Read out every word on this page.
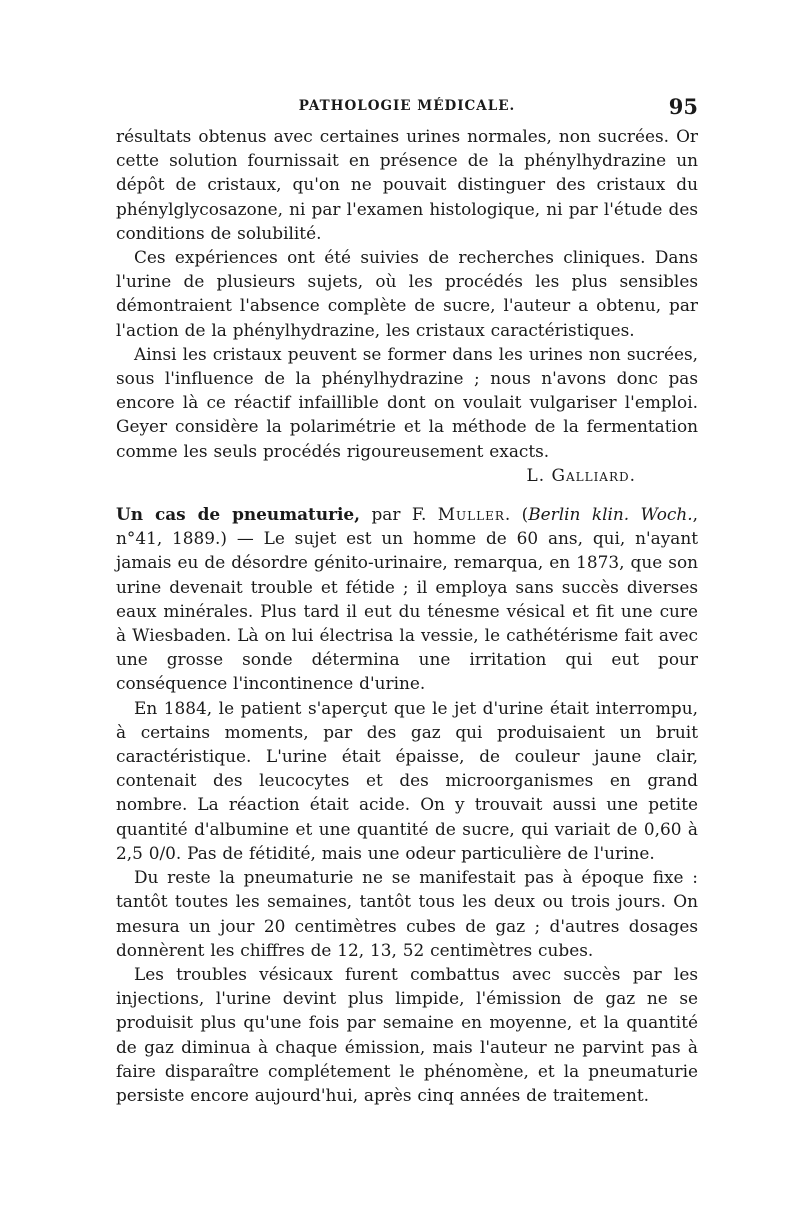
PATHOLOGIE MÉDICALE.	95

résultats obtenus avec certaines urines normales, non sucrées. Or cette solution fournissait en présence de la phénylhydrazine un dépôt de cristaux, qu'on ne pouvait distinguer des cristaux du phénylglycosazone, ni par l'examen histologique, ni par l'étude des conditions de solubilité.

Ces expériences ont été suivies de recherches cliniques. Dans l'urine de plusieurs sujets, où les procédés les plus sensibles démontraient l'absence complète de sucre, l'auteur a obtenu, par l'action de la phénylhydrazine, les cristaux caractéristiques.

Ainsi les cristaux peuvent se former dans les urines non sucrées, sous l'influence de la phénylhydrazine ; nous n'avons donc pas encore là ce réactif infaillible dont on voulait vulgariser l'emploi. Geyer considère la polarimétrie et la méthode de la fermentation comme les seuls procédés rigoureusement exacts.

L. Galliard.

Un cas de pneumaturie, par F. Muller. (Berlin klin. Woch., n°41, 1889.) — Le sujet est un homme de 60 ans, qui, n'ayant jamais eu de désordre génito-urinaire, remarqua, en 1873, que son urine devenait trouble et fétide ; il employa sans succès diverses eaux minérales. Plus tard il eut du ténesme vésical et fit une cure à Wiesbaden. Là on lui électrisa la vessie, le cathétérisme fait avec une grosse sonde détermina une irritation qui eut pour conséquence l'incontinence d'urine.

En 1884, le patient s'aperçut que le jet d'urine était interrompu, à certains moments, par des gaz qui produisaient un bruit caractéristique. L'urine était épaisse, de couleur jaune clair, contenait des leucocytes et des microorganismes en grand nombre. La réaction était acide. On y trouvait aussi une petite quantité d'albumine et une quantité de sucre, qui variait de 0,60 à 2,5 0/0. Pas de fétidité, mais une odeur particulière de l'urine.

Du reste la pneumaturie ne se manifestait pas à époque fixe : tantôt toutes les semaines, tantôt tous les deux ou trois jours. On mesura un jour 20 centimètres cubes de gaz ; d'autres dosages donnèrent les chiffres de 12, 13, 52 centimètres cubes.

Les troubles vésicaux furent combattus avec succès par les injections, l'urine devint plus limpide, l'émission de gaz ne se produisit plus qu'une fois par semaine en moyenne, et la quantité de gaz diminua à chaque émission, mais l'auteur ne parvint pas à faire disparaître complétement le phénomène, et la pneumaturie persiste encore aujourd'hui, après cinq années de traitement.
